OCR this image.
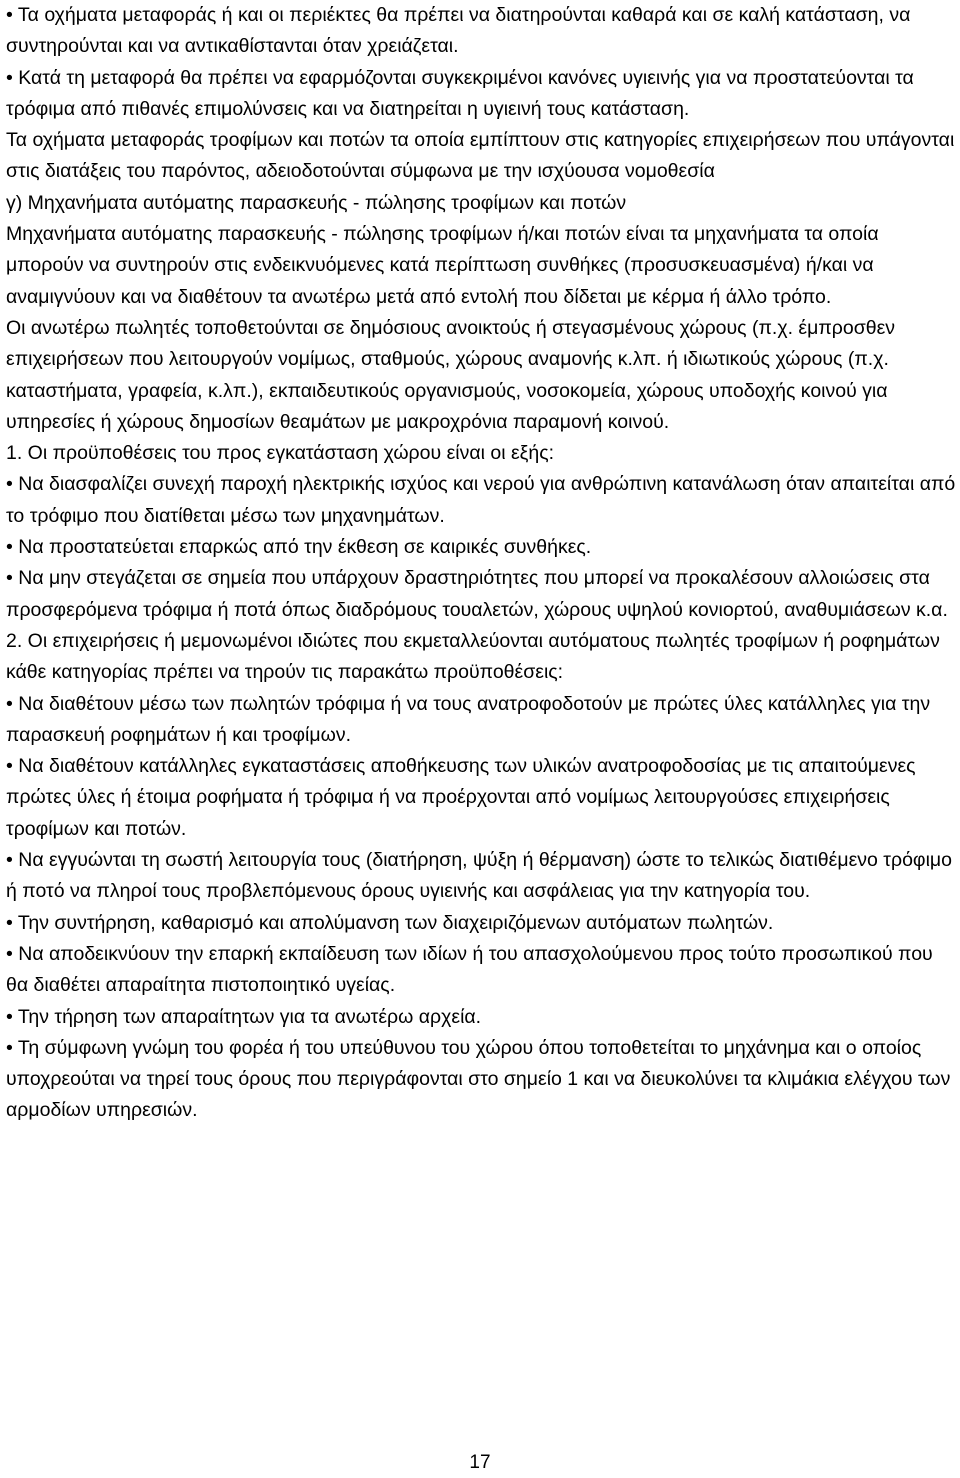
• Τα οχήματα μεταφοράς ή και οι περιέκτες θα πρέπει να διατηρούνται καθαρά και σε καλή κατάσταση, να συντηρούνται και να αντικαθίστανται όταν χρειάζεται.

• Κατά τη μεταφορά θα πρέπει να εφαρμόζονται συγκεκριμένοι κανόνες υγιεινής για να προστατεύονται τα τρόφιμα από πιθανές επιμολύνσεις και να διατηρείται η υγιεινή τους κατάσταση.

Τα οχήματα μεταφοράς τροφίμων και ποτών τα οποία εμπίπτουν στις κατηγορίες επιχειρήσεων που υπάγονται στις διατάξεις του παρόντος, αδειοδοτούνται σύμφωνα με την ισχύουσα νομοθεσία

γ) Μηχανήματα αυτόματης παρασκευής - πώλησης τροφίμων και ποτών

Μηχανήματα αυτόματης παρασκευής - πώλησης τροφίμων ή/και ποτών είναι τα μηχανήματα τα οποία μπορούν να συντηρούν στις ενδεικνυόμενες κατά περίπτωση συνθήκες (προσυσκευασμένα) ή/και να αναμιγνύουν και να διαθέτουν τα ανωτέρω μετά από εντολή που δίδεται με κέρμα ή άλλο τρόπο.

Οι ανωτέρω πωλητές τοποθετούνται σε δημόσιους ανοικτούς ή στεγασμένους χώρους (π.χ. έμπροσθεν επιχειρήσεων που λειτουργούν νομίμως, σταθμούς, χώρους αναμονής κ.λπ. ή ιδιωτικούς χώρους (π.χ. καταστήματα, γραφεία, κ.λπ.), εκπαιδευτικούς οργανισμούς, νοσοκομεία, χώρους υποδοχής κοινού για υπηρεσίες ή χώρους δημοσίων θεαμάτων με μακροχρόνια παραμονή κοινού.

1. Οι προϋποθέσεις του προς εγκατάσταση χώρου είναι οι εξής:

• Να διασφαλίζει συνεχή παροχή ηλεκτρικής ισχύος και νερού για ανθρώπινη κατανάλωση όταν απαιτείται από το τρόφιμο που διατίθεται μέσω των μηχανημάτων.

• Να προστατεύεται επαρκώς από την έκθεση σε καιρικές συνθήκες.

• Να μην στεγάζεται σε σημεία που υπάρχουν δραστηριότητες που μπορεί να προκαλέσουν αλλοιώσεις στα προσφερόμενα τρόφιμα ή ποτά όπως διαδρόμους τουαλετών, χώρους υψηλού κονιορτού, αναθυμιάσεων κ.α.

2. Οι επιχειρήσεις ή μεμονωμένοι ιδιώτες που εκμεταλλεύονται αυτόματους πωλητές τροφίμων ή ροφημάτων κάθε κατηγορίας πρέπει να τηρούν τις παρακάτω προϋποθέσεις:

• Να διαθέτουν μέσω των πωλητών τρόφιμα ή να τους ανατροφοδοτούν με πρώτες ύλες κατάλληλες για την παρασκευή ροφημάτων ή και τροφίμων.

• Να διαθέτουν κατάλληλες εγκαταστάσεις αποθήκευσης των υλικών ανατροφοδοσίας με τις απαιτούμενες πρώτες ύλες ή έτοιμα ροφήματα ή τρόφιμα ή να προέρχονται από νομίμως λειτουργούσες επιχειρήσεις τροφίμων και ποτών.

• Να εγγυώνται τη σωστή λειτουργία τους (διατήρηση, ψύξη ή θέρμανση) ώστε το τελικώς διατιθέμενο τρόφιμο ή ποτό να πληροί τους προβλεπόμενους όρους υγιεινής και ασφάλειας για την κατηγορία του.

• Την συντήρηση, καθαρισμό και απολύμανση των διαχειριζόμενων αυτόματων πωλητών.

• Να αποδεικνύουν την επαρκή εκπαίδευση των ιδίων ή του απασχολούμενου προς τούτο προσωπικού που θα διαθέτει απαραίτητα πιστοποιητικό υγείας.

• Την τήρηση των απαραίτητων για τα ανωτέρω αρχεία.

• Τη σύμφωνη γνώμη του φορέα ή του υπεύθυνου του χώρου όπου τοποθετείται το μηχάνημα και ο οποίος υποχρεούται να τηρεί τους όρους που περιγράφονται στο σημείο 1 και να διευκολύνει τα κλιμάκια ελέγχου των αρμοδίων υπηρεσιών.

17
